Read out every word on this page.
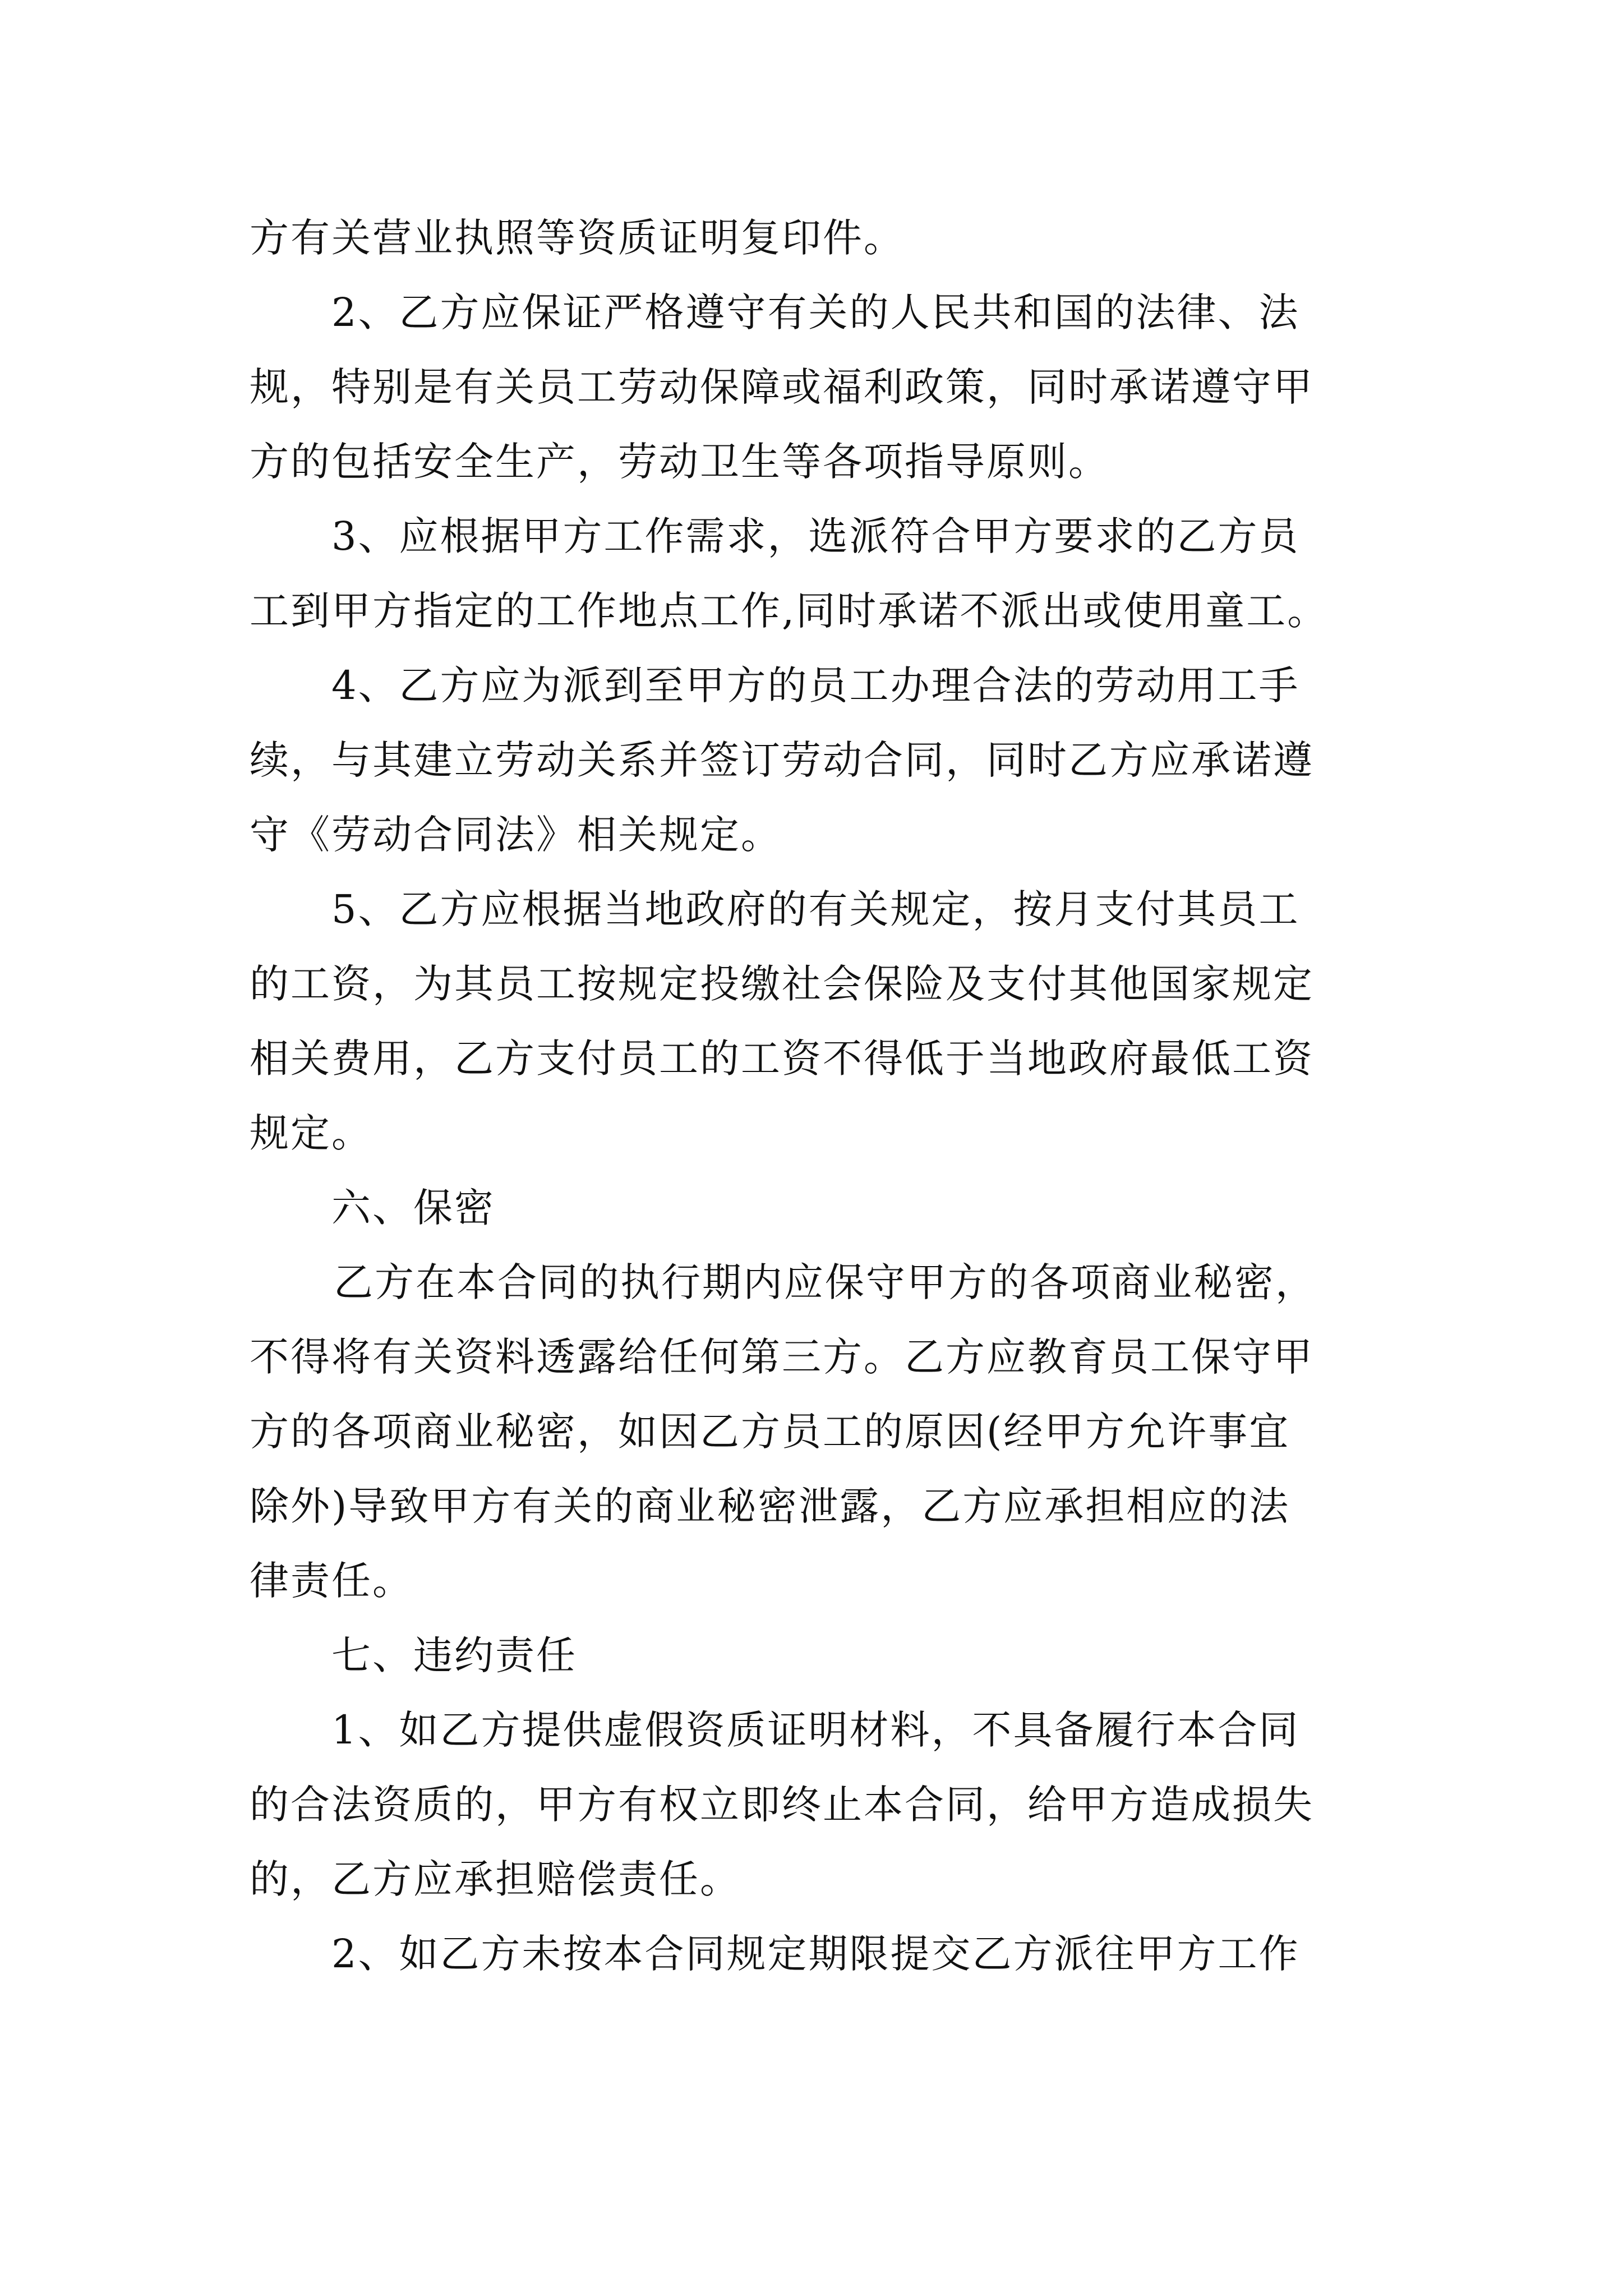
方有关营业执照等资质证明复印件。
2、乙方应保证严格遵守有关的人民共和国的法律、法
规，特别是有关员工劳动保障或福利政策，同时承诺遵守甲
方的包括安全生产，劳动卫生等各项指导原则。
3、应根据甲方工作需求，选派符合甲方要求的乙方员
工到甲方指定的工作地点工作,同时承诺不派出或使用童工。
4、乙方应为派到至甲方的员工办理合法的劳动用工手
续，与其建立劳动关系并签订劳动合同，同时乙方应承诺遵
守《劳动合同法》相关规定。
5、乙方应根据当地政府的有关规定，按月支付其员工
的工资，为其员工按规定投缴社会保险及支付其他国家规定
相关费用，乙方支付员工的工资不得低于当地政府最低工资
规定。
六、保密
乙方在本合同的执行期内应保守甲方的各项商业秘密，
不得将有关资料透露给任何第三方。乙方应教育员工保守甲
方的各项商业秘密，如因乙方员工的原因(经甲方允许事宜
除外)导致甲方有关的商业秘密泄露，乙方应承担相应的法
律责任。
七、违约责任
1、如乙方提供虚假资质证明材料，不具备履行本合同
的合法资质的，甲方有权立即终止本合同，给甲方造成损失
的，乙方应承担赔偿责任。
2、如乙方未按本合同规定期限提交乙方派往甲方工作
